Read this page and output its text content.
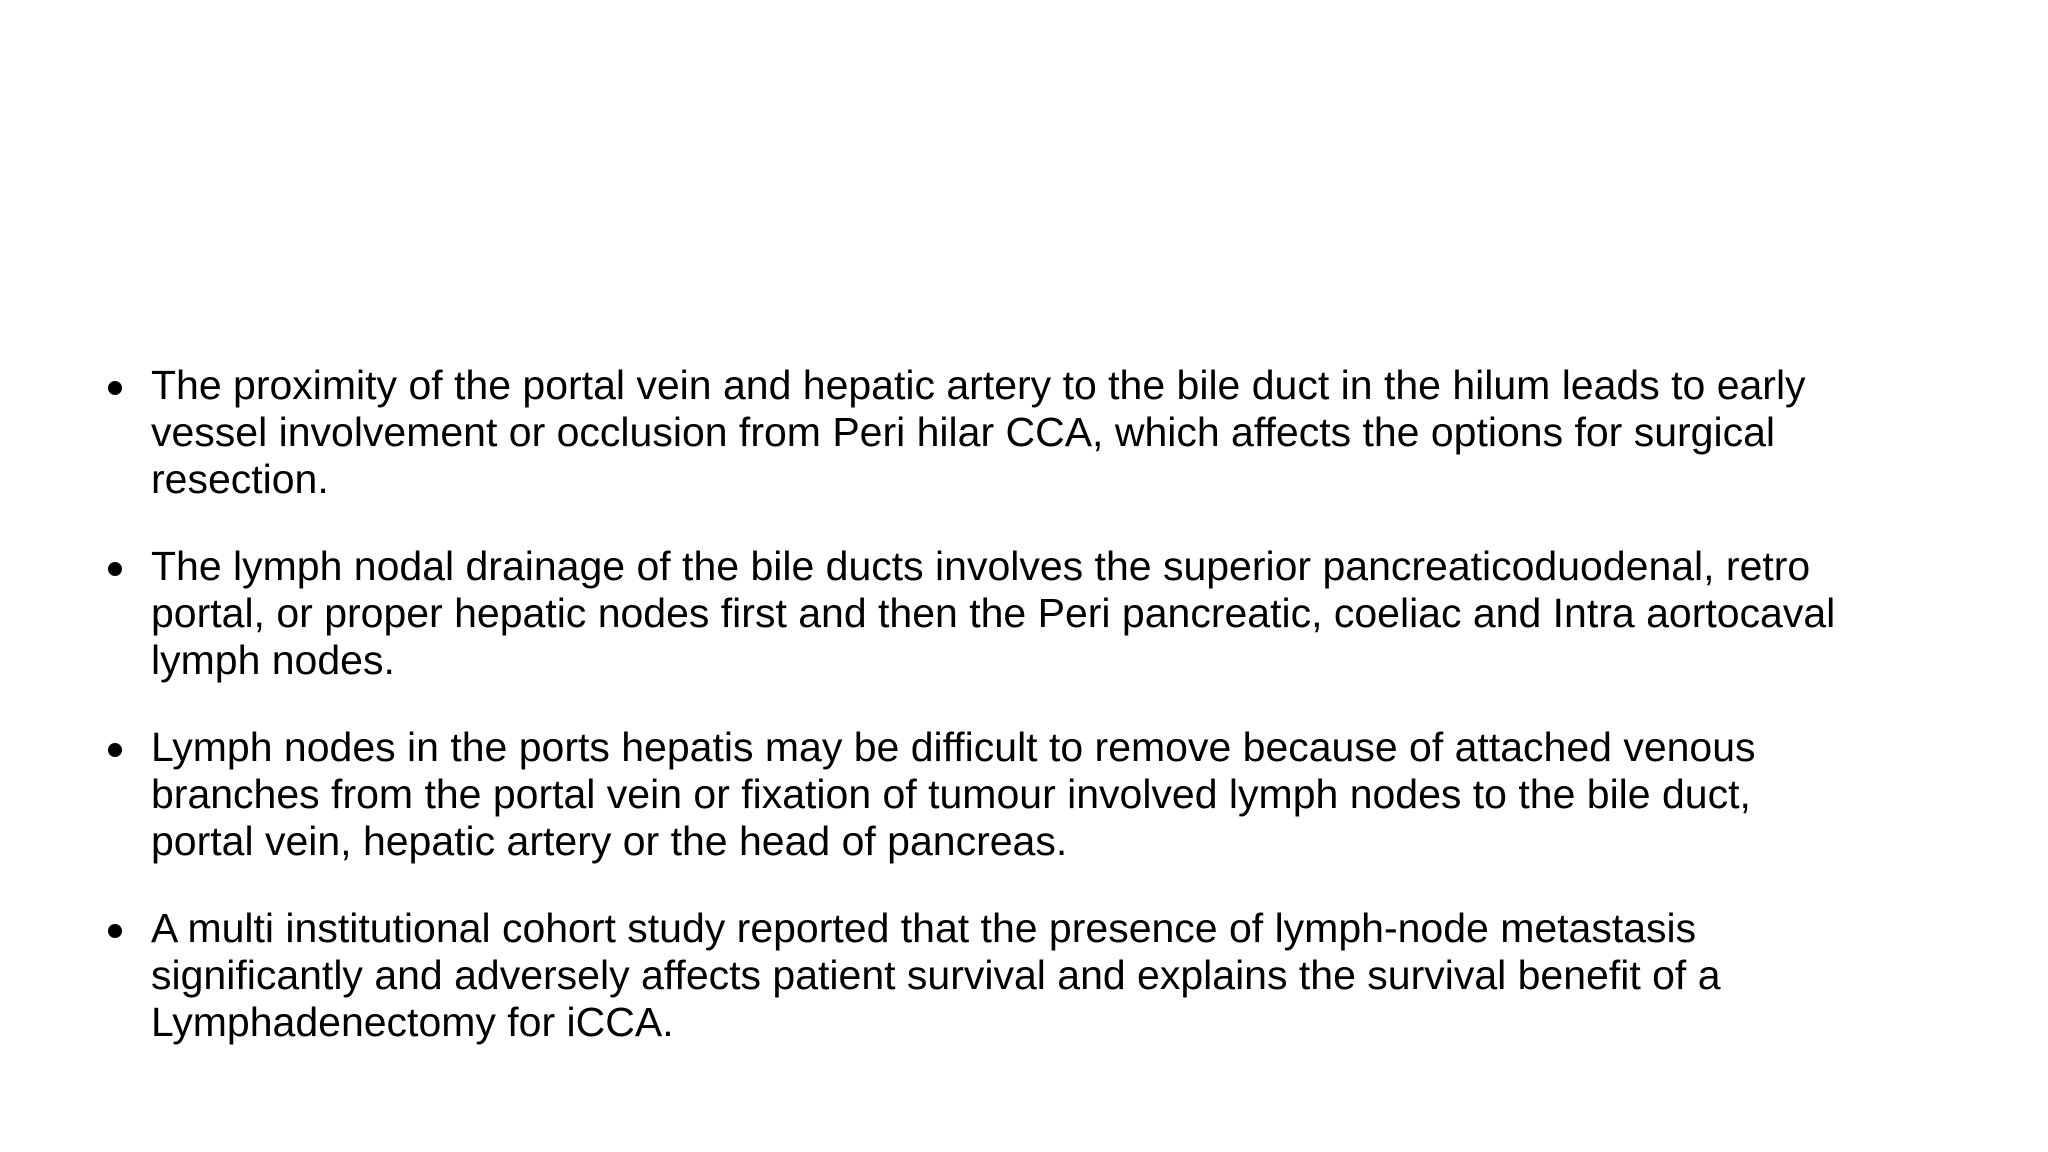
The proximity of the portal vein and hepatic artery to the bile duct in the hilum leads to early
vessel involvement or occlusion from Peri hilar CCA, which affects the options for surgical
resection.
The lymph nodal drainage of the bile ducts involves the superior pancreaticoduodenal, retro
portal, or proper hepatic nodes first and then the Peri pancreatic, coeliac and Intra aortocaval
lymph nodes.
Lymph nodes in the ports hepatis may be difficult to remove because of attached venous
branches from the portal vein or fixation of tumour involved lymph nodes to the bile duct,
portal vein, hepatic artery or the head of pancreas.
A multi institutional cohort study reported that the presence of lymph-node metastasis
significantly and adversely affects patient survival and explains the survival benefit of a
Lymphadenectomy for iCCA.
